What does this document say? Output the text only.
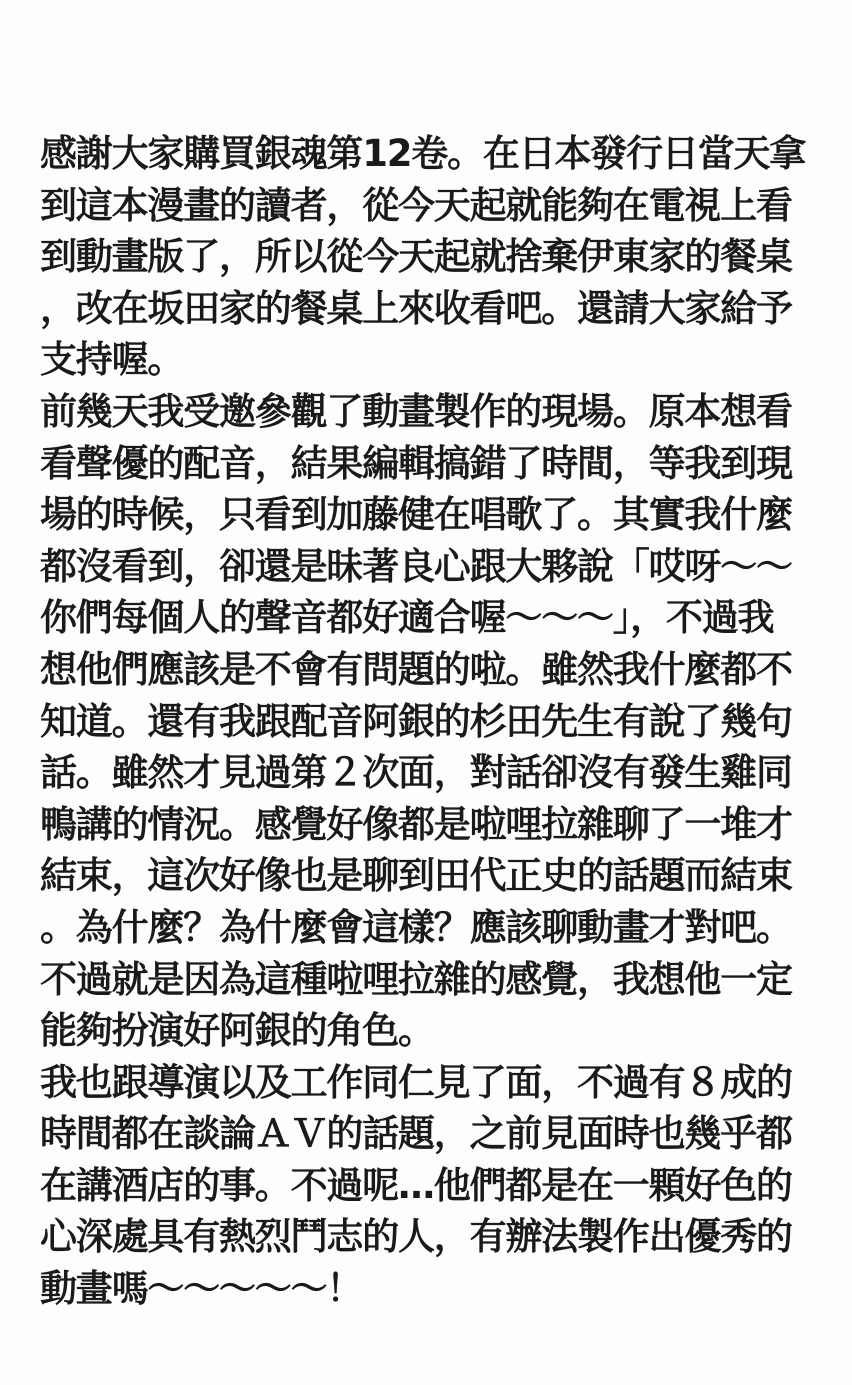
感謝大家購買銀魂第12卷。在日本發行日當天拿
到這本漫畫的讀者，從今天起就能夠在電視上看
到動畫版了，所以從今天起就捨棄伊東家的餐桌
，改在坂田家的餐桌上來收看吧。還請大家給予
支持喔。
前幾天我受邀參觀了動畫製作的現場。原本想看
看聲優的配音，結果編輯搞錯了時間，等我到現
場的時候，只看到加藤健在唱歌了。其實我什麼
都沒看到，卻還是昧著良心跟大夥說「哎呀～～
你們每個人的聲音都好適合喔～～～」，不過我
想他們應該是不會有問題的啦。雖然我什麼都不
知道。還有我跟配音阿銀的杉田先生有說了幾句
話。雖然才見過第２次面，對話卻沒有發生雞同
鴨講的情況。感覺好像都是啦哩拉雜聊了一堆才
結束，這次好像也是聊到田代正史的話題而結束
。為什麼？為什麼會這樣？應該聊動畫才對吧。
不過就是因為這種啦哩拉雜的感覺，我想他一定
能夠扮演好阿銀的角色。
我也跟導演以及工作同仁見了面，不過有８成的
時間都在談論ＡＶ的話題，之前見面時也幾乎都
在講酒店的事。不過呢…他們都是在一顆好色的
心深處具有熱烈鬥志的人，有辦法製作出優秀的
動畫嗎～～～～～！
